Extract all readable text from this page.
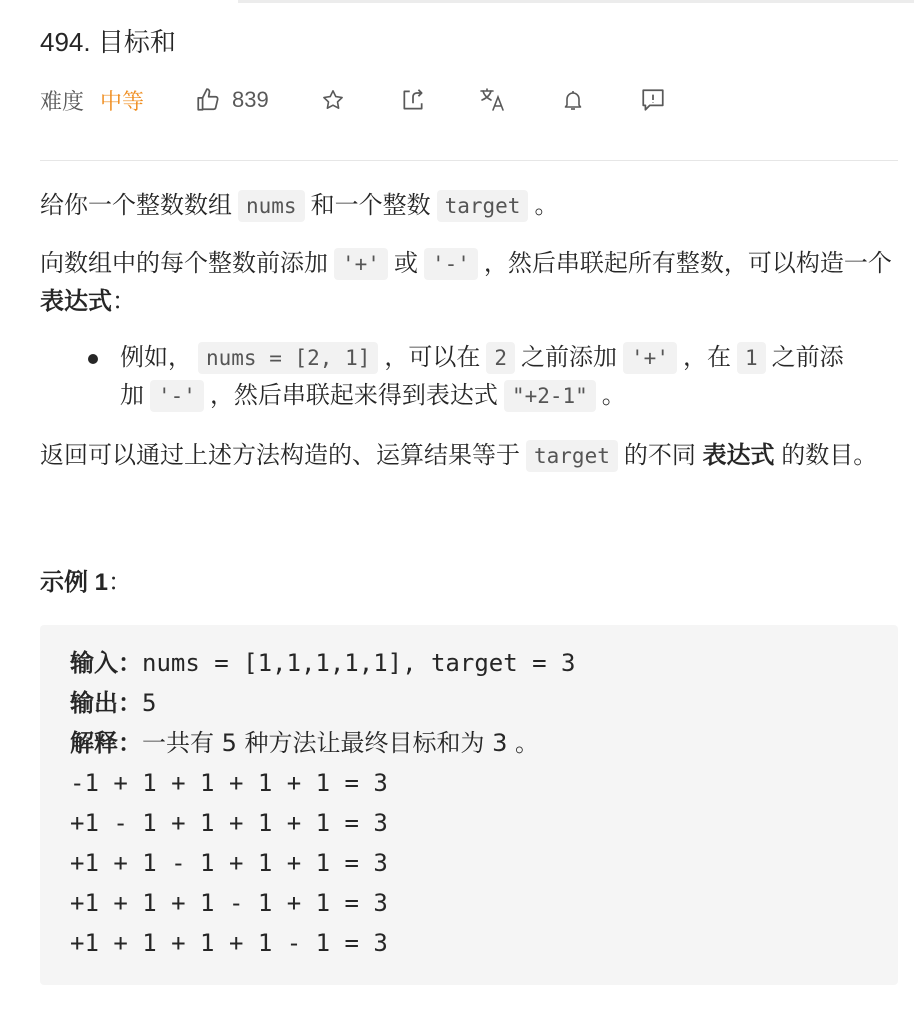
494. 目标和
难度 中等	839

给你一个整数数组 nums 和一个整数 target 。

向数组中的每个整数前添加 '+' 或 '-' ，然后串联起所有整数，可以构造一个 表达式：

例如， nums = [2, 1] ，可以在 2 之前添加 '+' ，在 1 之前添加 '-' ，然后串联起来得到表达式 "+2-1" 。

返回可以通过上述方法构造的、运算结果等于 target 的不同 表达式 的数目。

示例 1：
输入：nums = [1,1,1,1,1], target = 3
输出：5
解释：一共有 5 种方法让最终目标和为 3 。
-1 + 1 + 1 + 1 + 1 = 3
+1 - 1 + 1 + 1 + 1 = 3
+1 + 1 - 1 + 1 + 1 = 3
+1 + 1 + 1 - 1 + 1 = 3
+1 + 1 + 1 + 1 - 1 = 3
